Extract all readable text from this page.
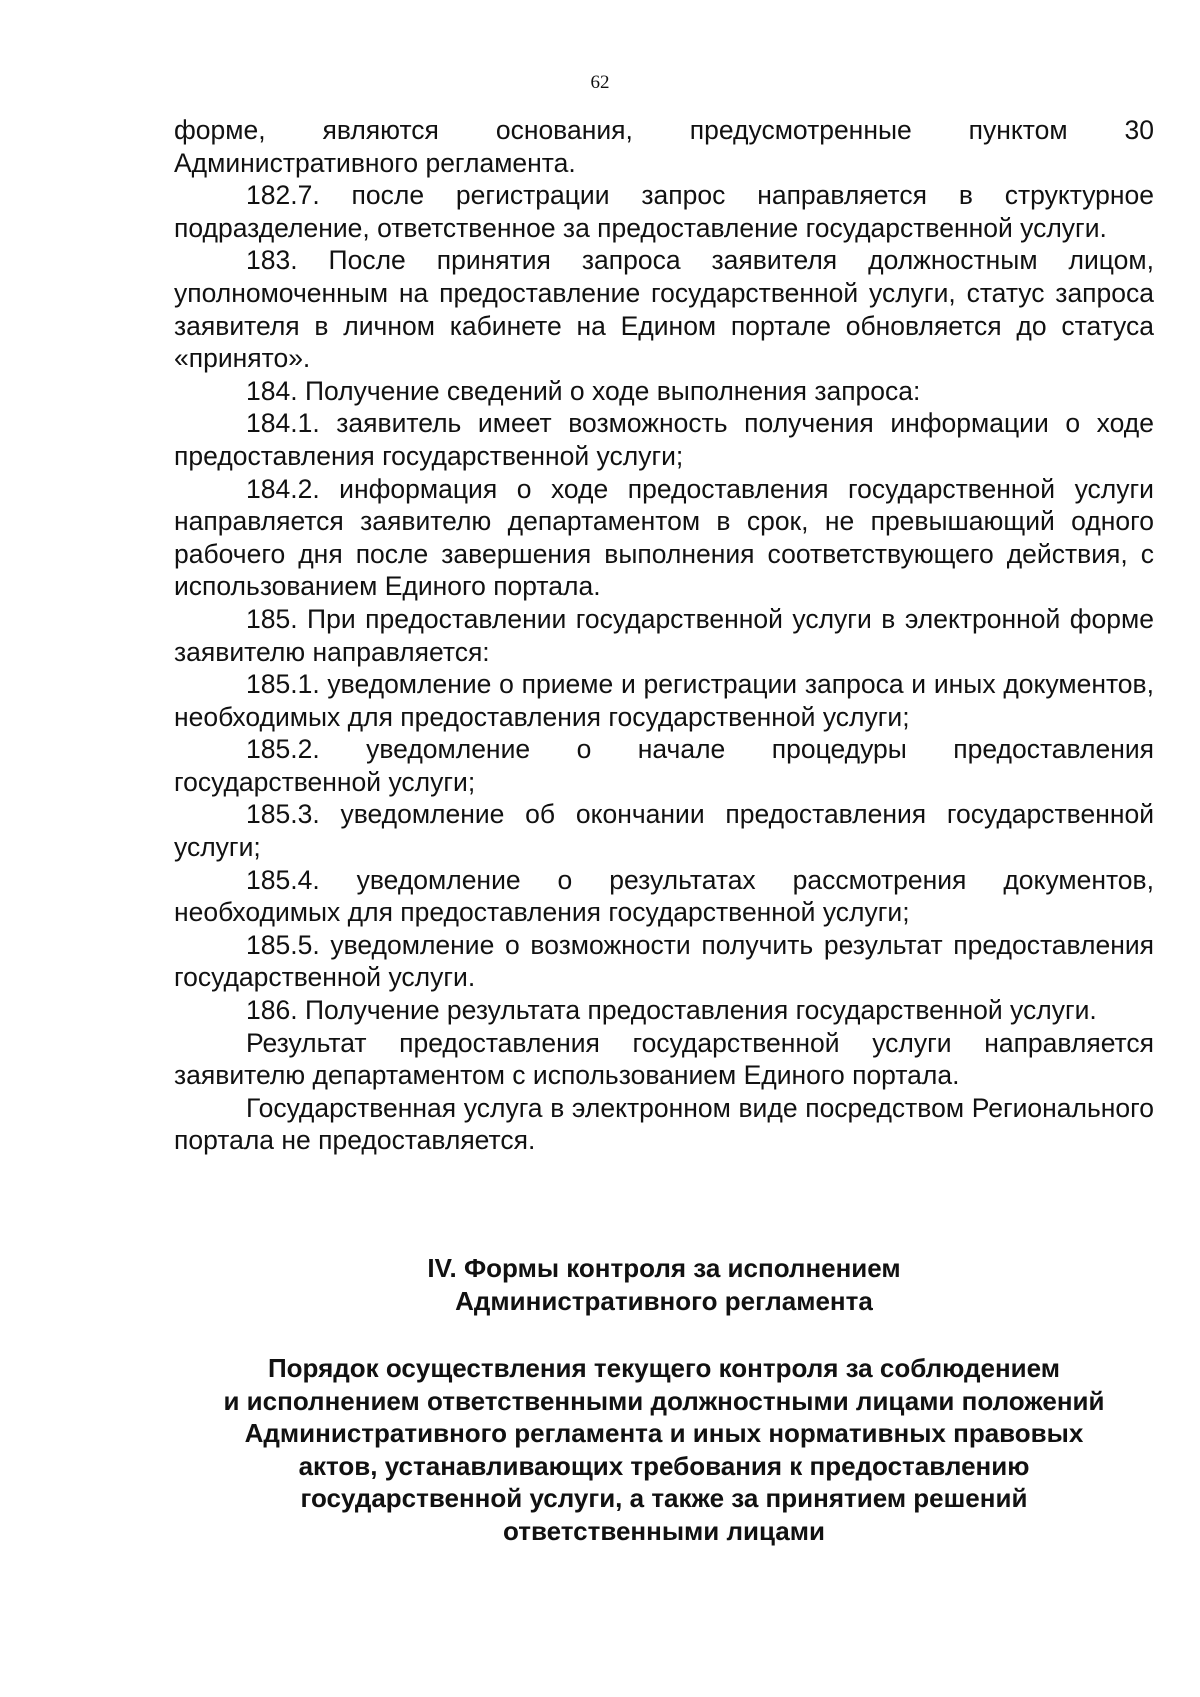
62

форме, являются основания, предусмотренные пунктом 30 Административного регламента.

182.7. после регистрации запрос направляется в структурное подразделение, ответственное за предоставление государственной услуги.

183. После принятия запроса заявителя должностным лицом, уполномоченным на предоставление государственной услуги, статус запроса заявителя в личном кабинете на Едином портале обновляется до статуса «принято».

184. Получение сведений о ходе выполнения запроса:

184.1. заявитель имеет возможность получения информации о ходе предоставления государственной услуги;

184.2. информация о ходе предоставления государственной услуги направляется заявителю департаментом в срок, не превышающий одного рабочего дня после завершения выполнения соответствующего действия, с использованием Единого портала.

185. При предоставлении государственной услуги в электронной форме заявителю направляется:

185.1. уведомление о приеме и регистрации запроса и иных документов, необходимых для предоставления государственной услуги;

185.2. уведомление о начале процедуры предоставления государственной услуги;

185.3. уведомление об окончании предоставления государственной услуги;

185.4. уведомление о результатах рассмотрения документов, необходимых для предоставления государственной услуги;

185.5. уведомление о возможности получить результат предоставления государственной услуги.

186. Получение результата предоставления государственной услуги.

Результат предоставления государственной услуги направляется заявителю департаментом с использованием Единого портала.

Государственная услуга в электронном виде посредством Регионального портала не предоставляется.

IV. Формы контроля за исполнением
Административного регламента
Порядок осуществления текущего контроля за соблюдением
и исполнением ответственными должностными лицами положений
Административного регламента и иных нормативных правовых
актов, устанавливающих требования к предоставлению
государственной услуги, а также за принятием решений
ответственными лицами
